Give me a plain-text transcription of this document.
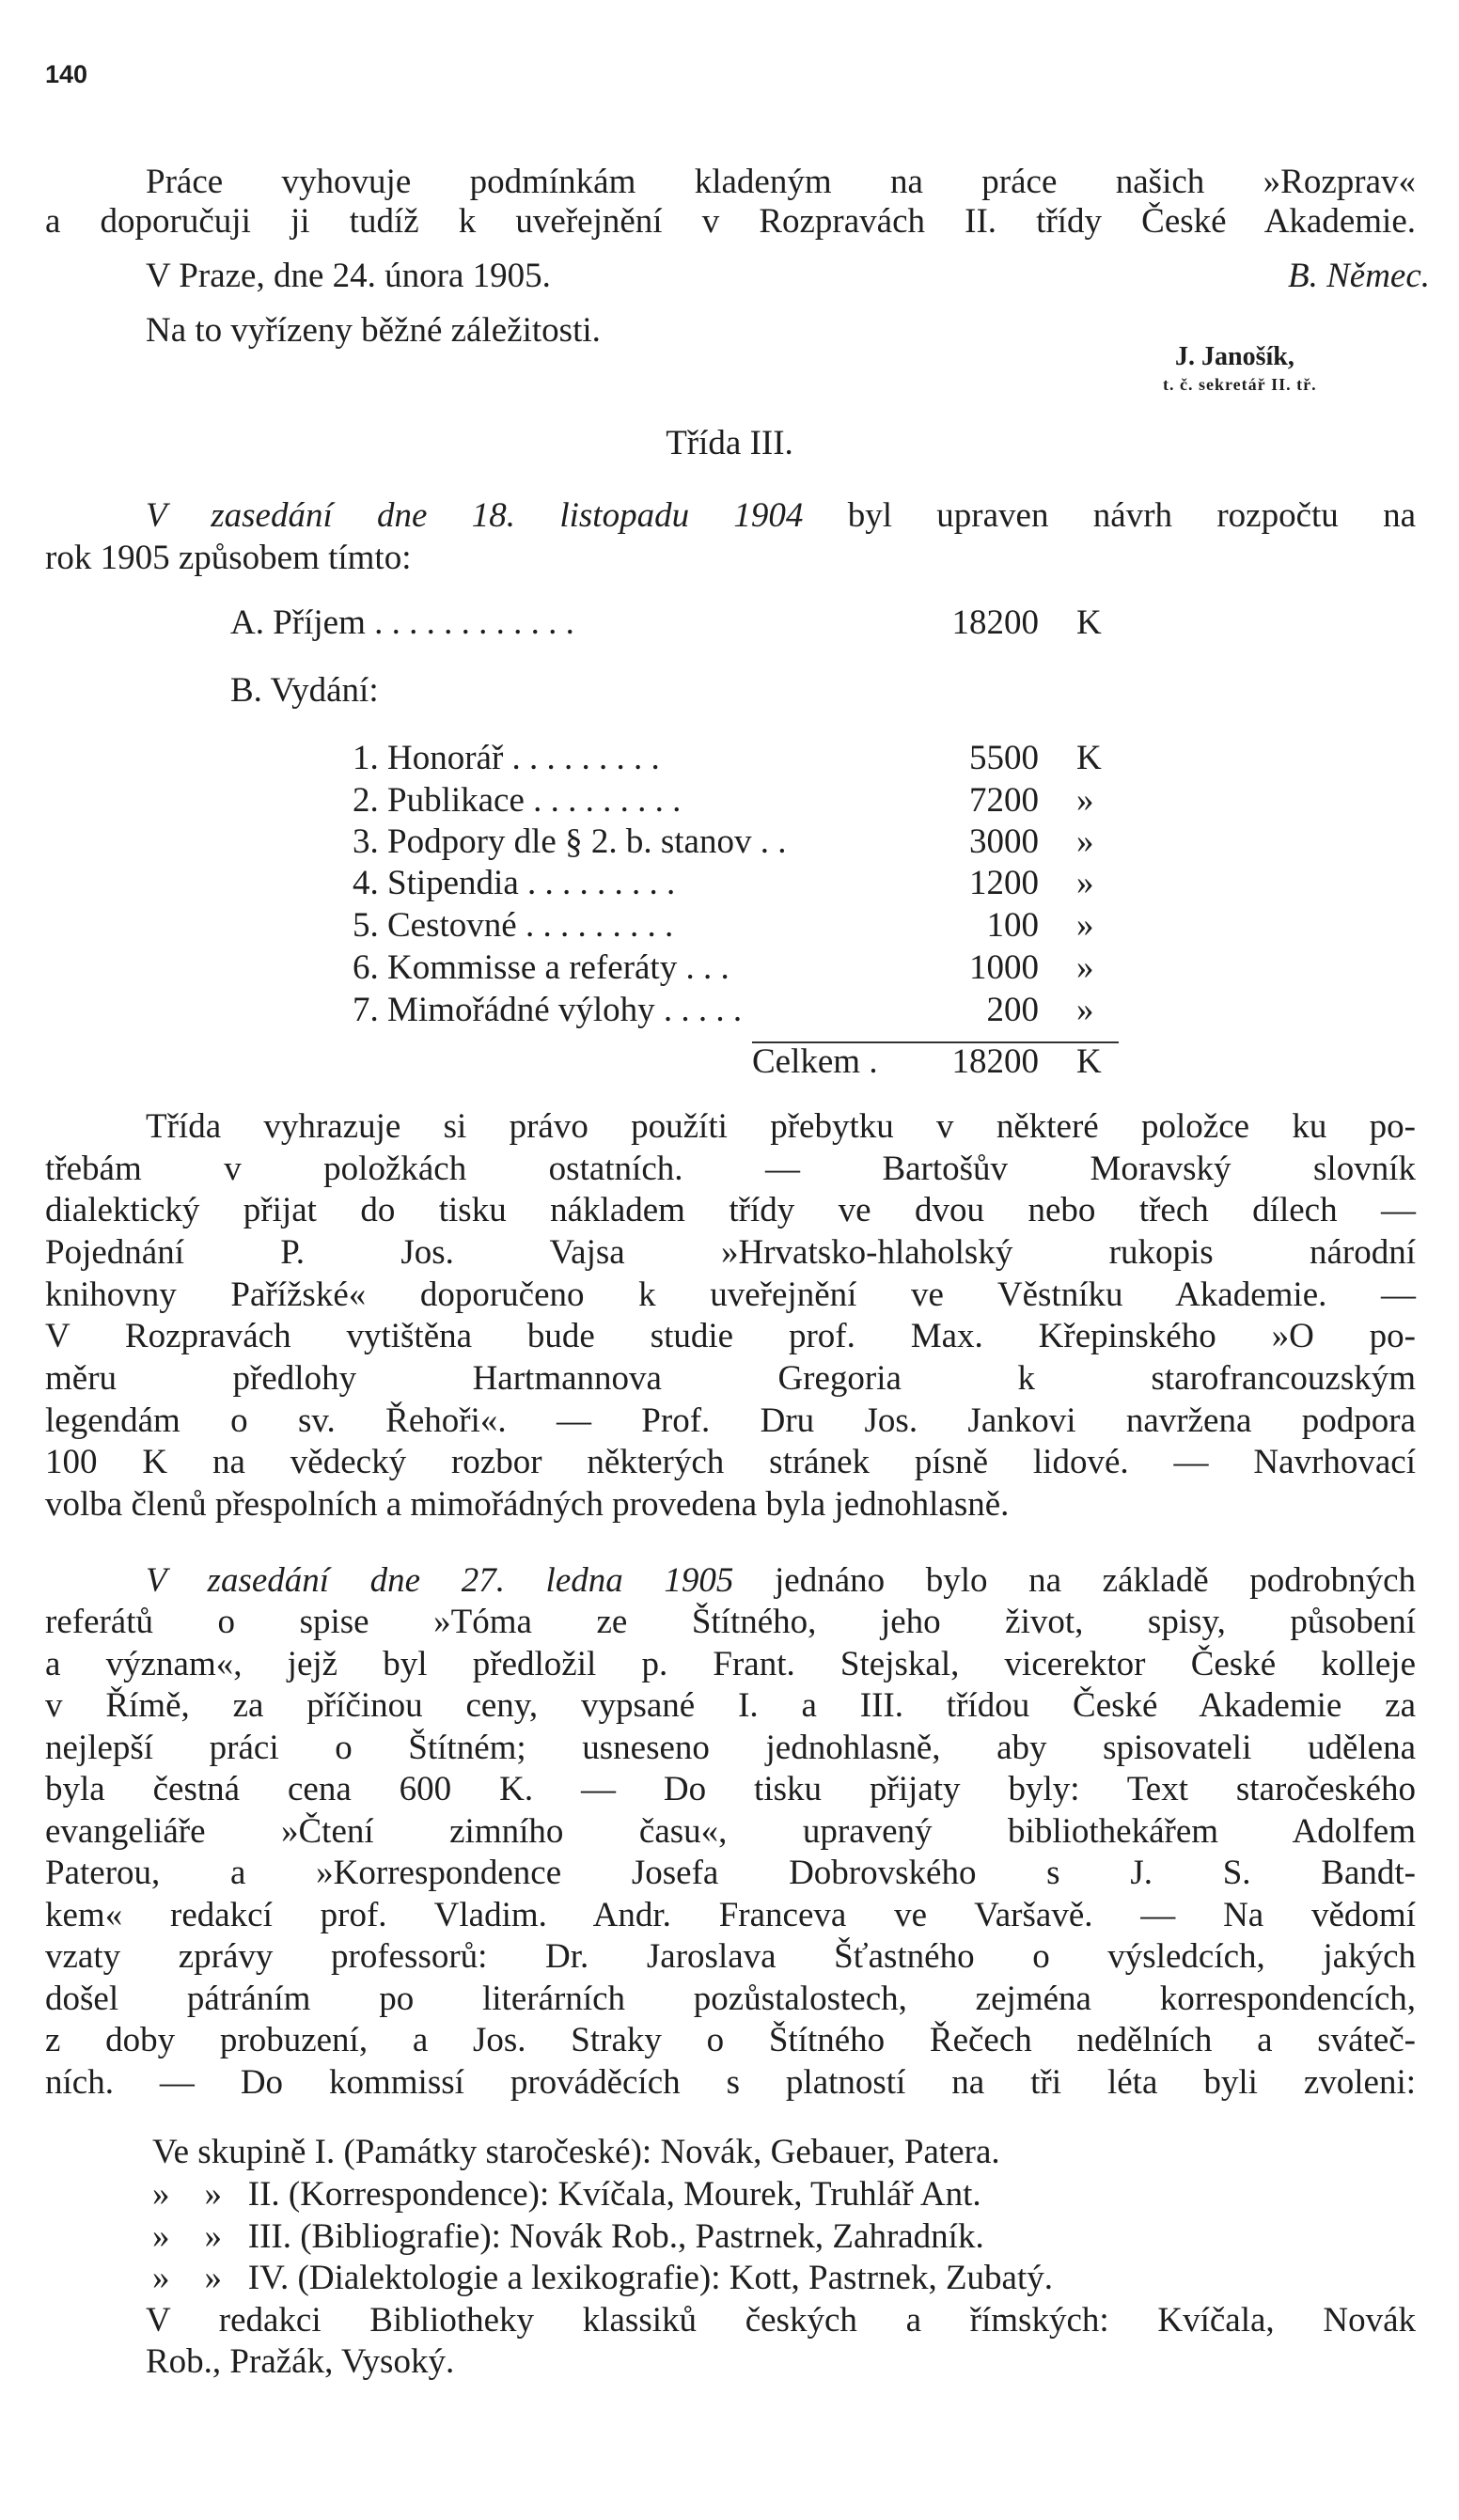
140
Práce vyhovuje podmínkám kladeným na práce našich »Rozprav«
a doporučuji ji tudíž k uveřejnění v Rozpravách II. třídy České Akademie.
V Praze, dne 24. února 1905.	B. Němec.
Na to vyřízeny běžné záležitosti.
J. Janošík,
t. č. sekretář II. tř.
Třída III.
V zasedání dne 18. listopadu 1904 byl upraven návrh rozpočtu na
rok 1905 způsobem tímto:
A. Příjem . . . . . . . . . . . .	18200 K
B. Vydání:
1. Honorář . . . . . . . . .	5500 K
2. Publikace . . . . . . . . .	7200 »
3. Podpory dle § 2. b. stanov . .	3000 »
4. Stipendia . . . . . . . . .	1200 »
5. Cestovné . . . . . . . . .	100 »
6. Kommisse a referáty . . .	1000 »
7. Mimořádné výlohy . . . . .	200 »
Celkem .	18200 K
Třída vyhrazuje si právo použíti přebytku v některé položce ku po-
třebám v položkách ostatních. — Bartošův Moravský slovník
dialektický přijat do tisku nákladem třídy ve dvou nebo třech dílech —
Pojednání P. Jos. Vajsa »Hrvatsko-hlaholský rukopis národní
knihovny Pařížské« doporučeno k uveřejnění ve Věstníku Akademie. —
V Rozpravách vytištěna bude studie prof. Max. Křepinského »O po-
měru předlohy Hartmannova Gregoria k starofrancouzským
legendám o sv. Řehoři«. — Prof. Dru Jos. Jankovi navržena podpora
100 K na vědecký rozbor některých stránek písně lidové. — Navrhovací
volba členů přespolních a mimořádných provedena byla jednohlasně.
V zasedání dne 27. ledna 1905 jednáno bylo na základě podrobných
referátů o spise »Tóma ze Štítného, jeho život, spisy, působení
a význam«, jejž byl předložil p. Frant. Stejskal, vicerektor České kolleje
v Římě, za příčinou ceny, vypsané I. a III. třídou České Akademie za
nejlepší práci o Štítném; usneseno jednohlasně, aby spisovateli udělena
byla čestná cena 600 K. — Do tisku přijaty byly: Text staročeského
evangeliáře »Čtení zimního času«, upravený bibliothekářem Adolfem
Paterou, a »Korrespondence Josefa Dobrovského s J. S. Bandt-
kem« redakcí prof. Vladim. Andr. Franceva ve Varšavě. — Na vědomí
vzaty zprávy professorů: Dr. Jaroslava Šťastného o výsledcích, jakých
došel pátráním po literárních pozůstalostech, zejména korrespondencích,
z doby probuzení, a Jos. Straky o Štítného Řečech nedělních a sváteč-
ních. — Do kommissí prováděcích s platností na tři léta byli zvoleni:
Ve skupině I. (Památky staročeské): Novák, Gebauer, Patera.
»    »   II. (Korrespondence): Kvíčala, Mourek, Truhlář Ant.
»    »   III. (Bibliografie): Novák Rob., Pastrnek, Zahradník.
»    »   IV. (Dialektologie a lexikografie): Kott, Pastrnek, Zubatý.
V redakci Bibliotheky klassiků českých a římských: Kvíčala, Novák
Rob., Pražák, Vysoký.
